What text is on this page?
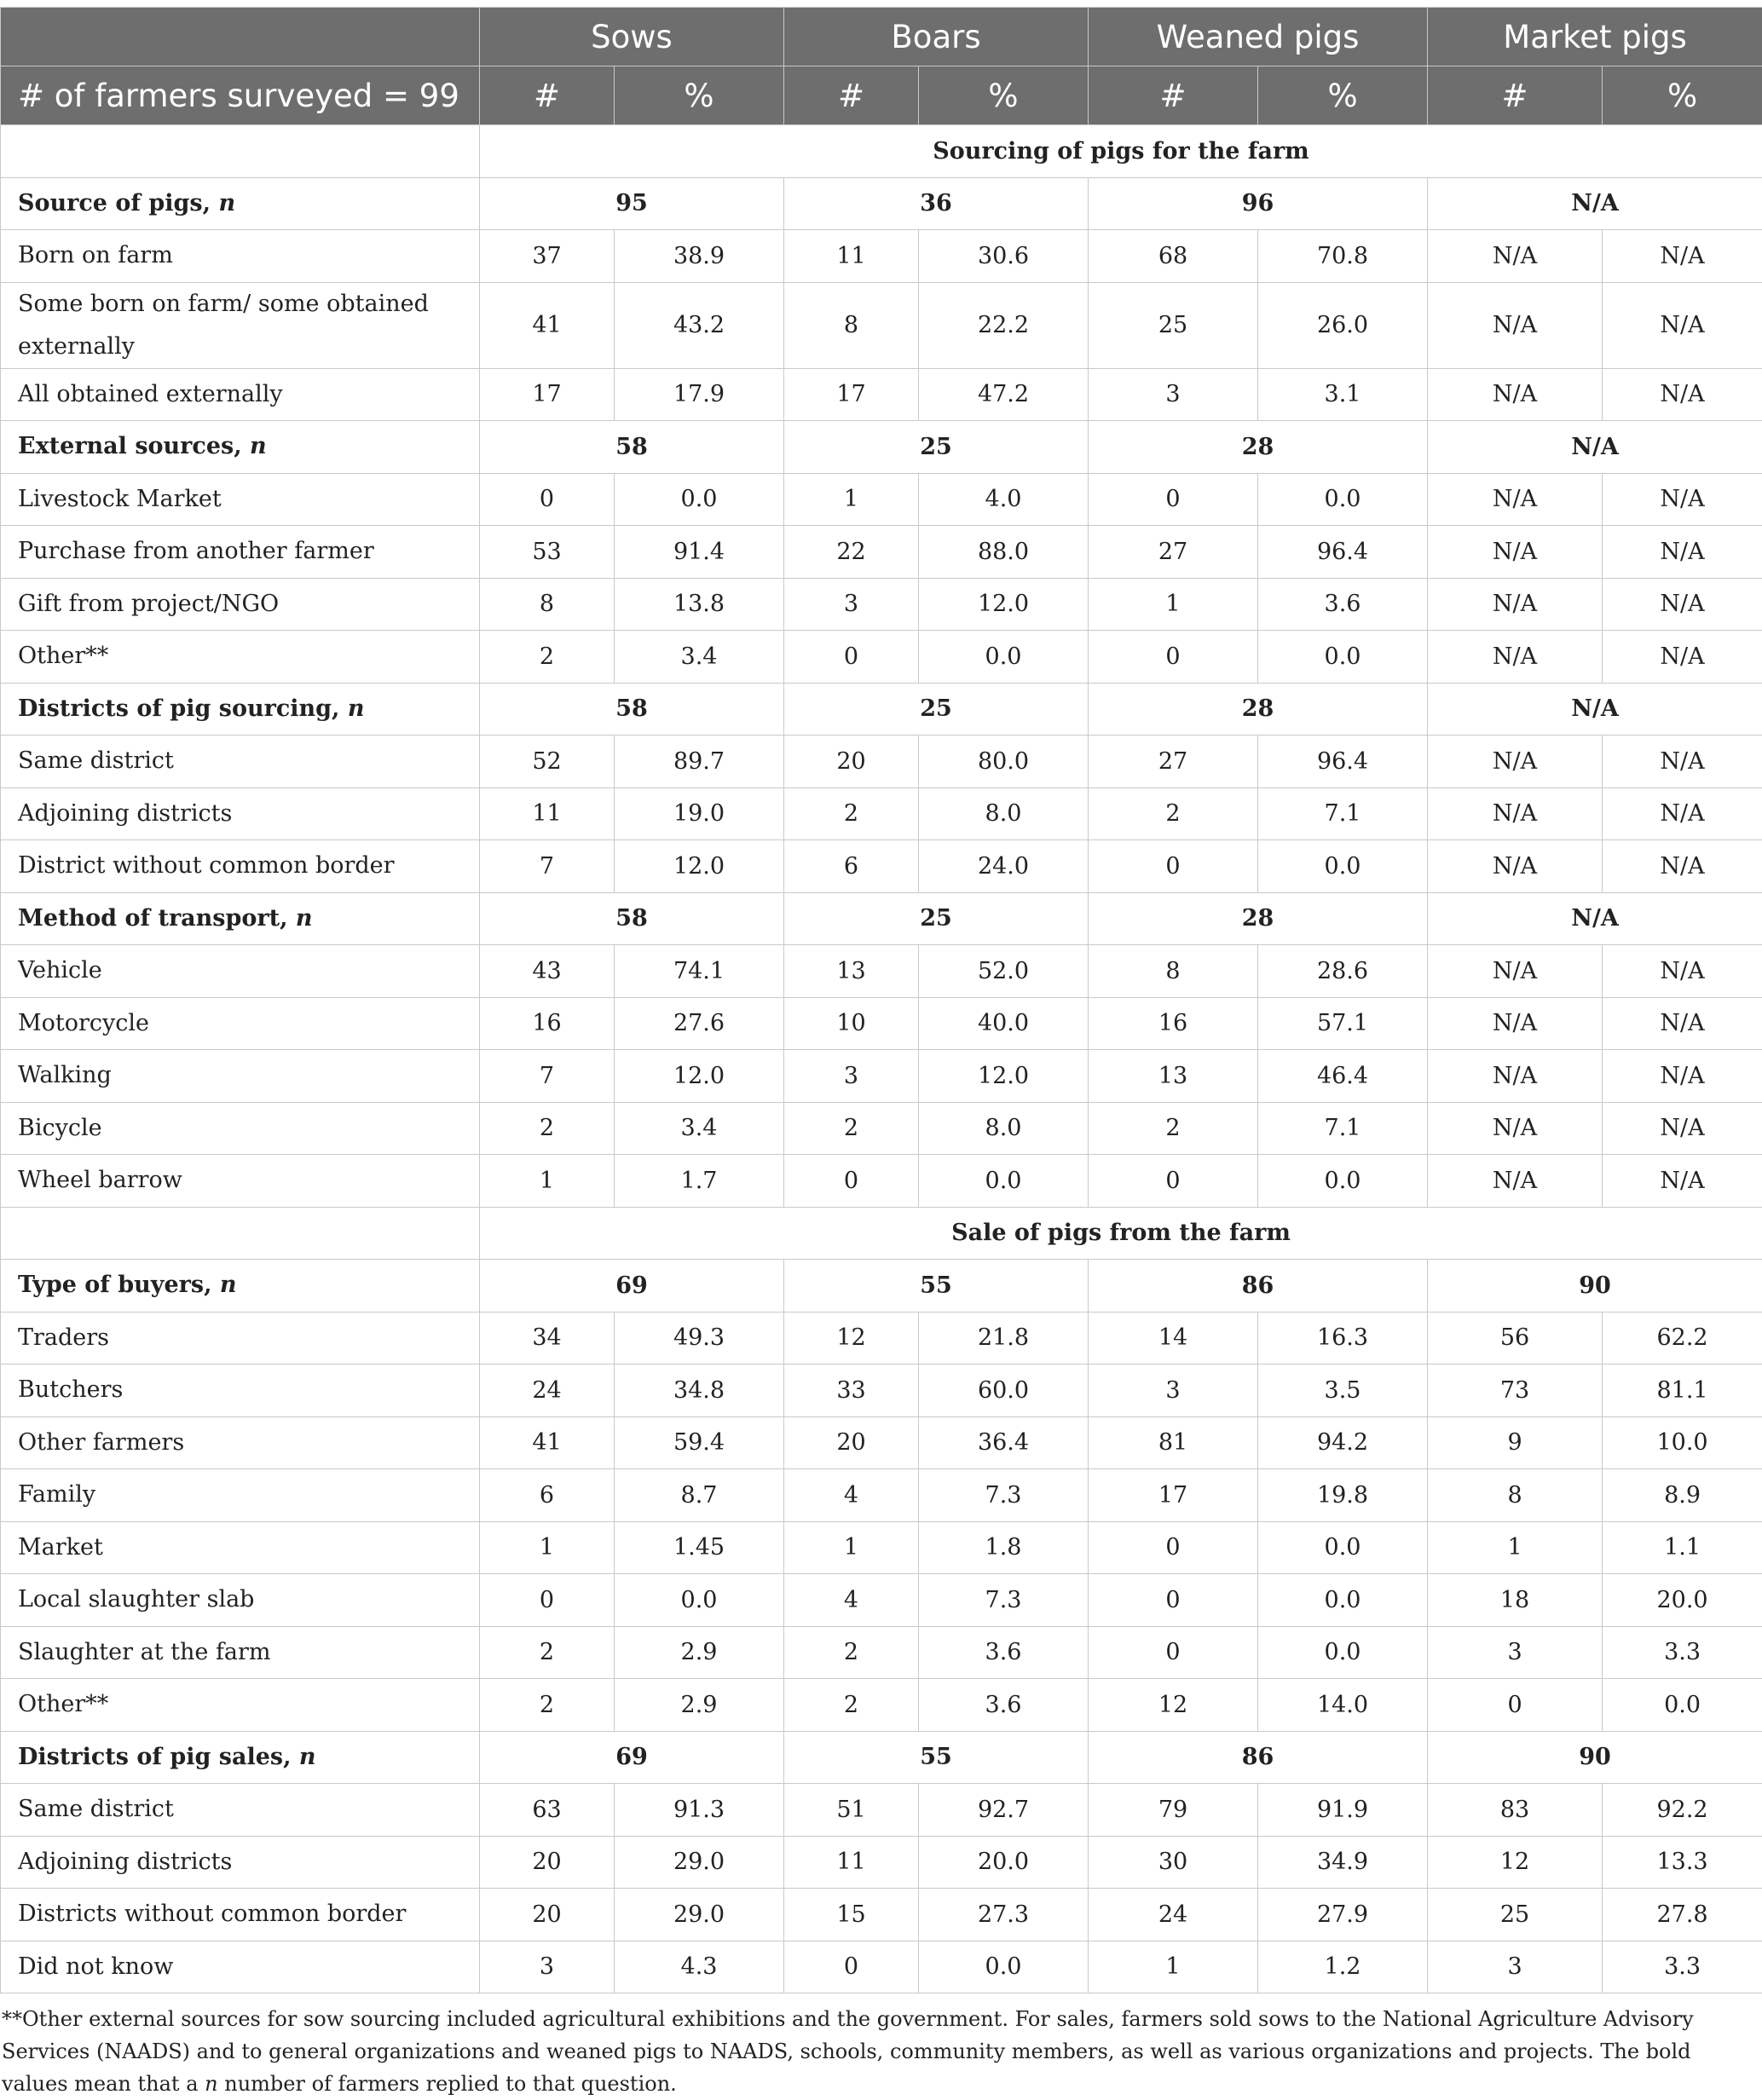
	Sows		Boars		Weaned pigs		Market pigs	
# of farmers surveyed = 99	#	%	#	%	#	%	#	%
	Sourcing of pigs for the farm							
Source of pigs, n	95		36		96		N/A	
Born on farm	37	38.9	11	30.6	68	70.8	N/A	N/A
Some born on farm/ some obtained externally	41	43.2	8	22.2	25	26.0	N/A	N/A
All obtained externally	17	17.9	17	47.2	3	3.1	N/A	N/A
External sources, n	58		25		28		N/A	
Livestock Market	0	0.0	1	4.0	0	0.0	N/A	N/A
Purchase from another farmer	53	91.4	22	88.0	27	96.4	N/A	N/A
Gift from project/NGO	8	13.8	3	12.0	1	3.6	N/A	N/A
Other**	2	3.4	0	0.0	0	0.0	N/A	N/A
Districts of pig sourcing, n	58		25		28		N/A	
Same district	52	89.7	20	80.0	27	96.4	N/A	N/A
Adjoining districts	11	19.0	2	8.0	2	7.1	N/A	N/A
District without common border	7	12.0	6	24.0	0	0.0	N/A	N/A
Method of transport, n	58		25		28		N/A	
Vehicle	43	74.1	13	52.0	8	28.6	N/A	N/A
Motorcycle	16	27.6	10	40.0	16	57.1	N/A	N/A
Walking	7	12.0	3	12.0	13	46.4	N/A	N/A
Bicycle	2	3.4	2	8.0	2	7.1	N/A	N/A
Wheel barrow	1	1.7	0	0.0	0	0.0	N/A	N/A
	Sale of pigs from the farm							
Type of buyers, n	69		55		86		90	
Traders	34	49.3	12	21.8	14	16.3	56	62.2
Butchers	24	34.8	33	60.0	3	3.5	73	81.1
Other farmers	41	59.4	20	36.4	81	94.2	9	10.0
Family	6	8.7	4	7.3	17	19.8	8	8.9
Market	1	1.45	1	1.8	0	0.0	1	1.1
Local slaughter slab	0	0.0	4	7.3	0	0.0	18	20.0
Slaughter at the farm	2	2.9	2	3.6	0	0.0	3	3.3
Other**	2	2.9	2	3.6	12	14.0	0	0.0
Districts of pig sales, n	69		55		86		90	
Same district	63	91.3	51	92.7	79	91.9	83	92.2
Adjoining districts	20	29.0	11	20.0	30	34.9	12	13.3
Districts without common border	20	29.0	15	27.3	24	27.9	25	27.8
Did not know	3	4.3	0	0.0	1	1.2	3	3.3
**Other external sources for sow sourcing included agricultural exhibitions and the government. For sales, farmers sold sows to the National Agriculture Advisory Services (NAADS) and to general organizations and weaned pigs to NAADS, schools, community members, as well as various organizations and projects. The bold values mean that a n number of farmers replied to that question.
